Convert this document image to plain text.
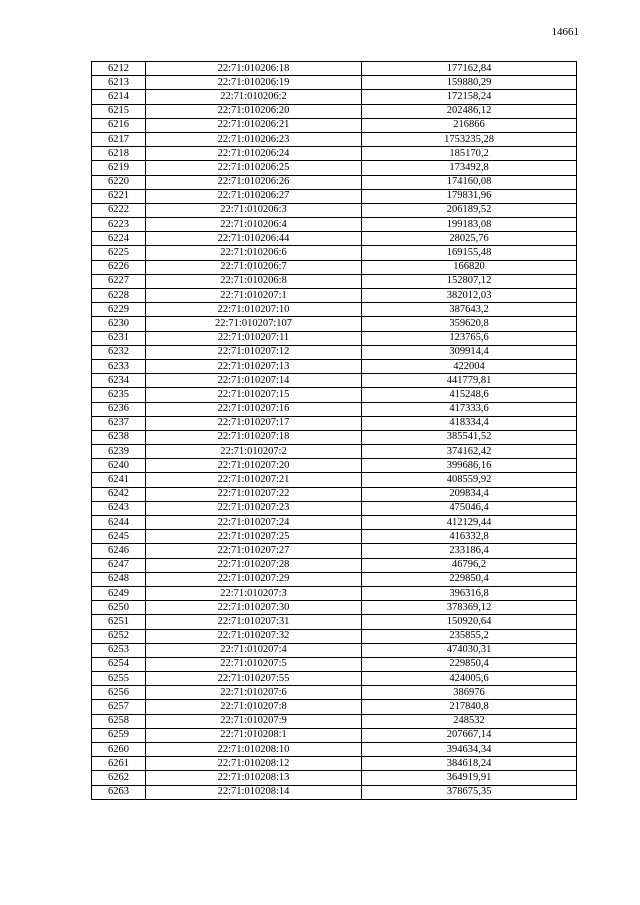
14661
6212	22:71:010206:18	177162,84
6213	22:71:010206:19	159880,29
6214	22:71:010206:2	172158,24
6215	22:71:010206:20	202486,12
6216	22:71:010206:21	216866
6217	22:71:010206:23	1753235,28
6218	22:71:010206:24	185170,2
6219	22:71:010206:25	173492,8
6220	22:71:010206:26	174160,08
6221	22:71:010206:27	179831,96
6222	22:71:010206:3	206189,52
6223	22:71:010206:4	199183,08
6224	22:71:010206:44	28025,76
6225	22:71:010206:6	169155,48
6226	22:71:010206:7	166820
6227	22:71:010206:8	152807,12
6228	22:71:010207:1	382012,03
6229	22:71:010207:10	387643,2
6230	22:71:010207:107	359620,8
6231	22:71:010207:11	123765,6
6232	22:71:010207:12	309914,4
6233	22:71:010207:13	422004
6234	22:71:010207:14	441779,81
6235	22:71:010207:15	415248,6
6236	22:71:010207:16	417333,6
6237	22:71:010207:17	418334,4
6238	22:71:010207:18	385541,52
6239	22:71:010207:2	374162,42
6240	22:71:010207:20	399686,16
6241	22:71:010207:21	408559,92
6242	22:71:010207:22	209834,4
6243	22:71:010207:23	475046,4
6244	22:71:010207:24	412129,44
6245	22:71:010207:25	416332,8
6246	22:71:010207:27	233186,4
6247	22:71:010207:28	46796,2
6248	22:71:010207:29	229850,4
6249	22:71:010207:3	396316,8
6250	22:71:010207:30	378369,12
6251	22:71:010207:31	150920,64
6252	22:71:010207:32	235855,2
6253	22:71:010207:4	474030,31
6254	22:71:010207:5	229850,4
6255	22:71:010207:55	424005,6
6256	22:71:010207:6	386976
6257	22:71:010207:8	217840,8
6258	22:71:010207:9	248532
6259	22:71:010208:1	207667,14
6260	22:71:010208:10	394634,34
6261	22:71:010208:12	384618,24
6262	22:71:010208:13	364919,91
6263	22:71:010208:14	378675,35
